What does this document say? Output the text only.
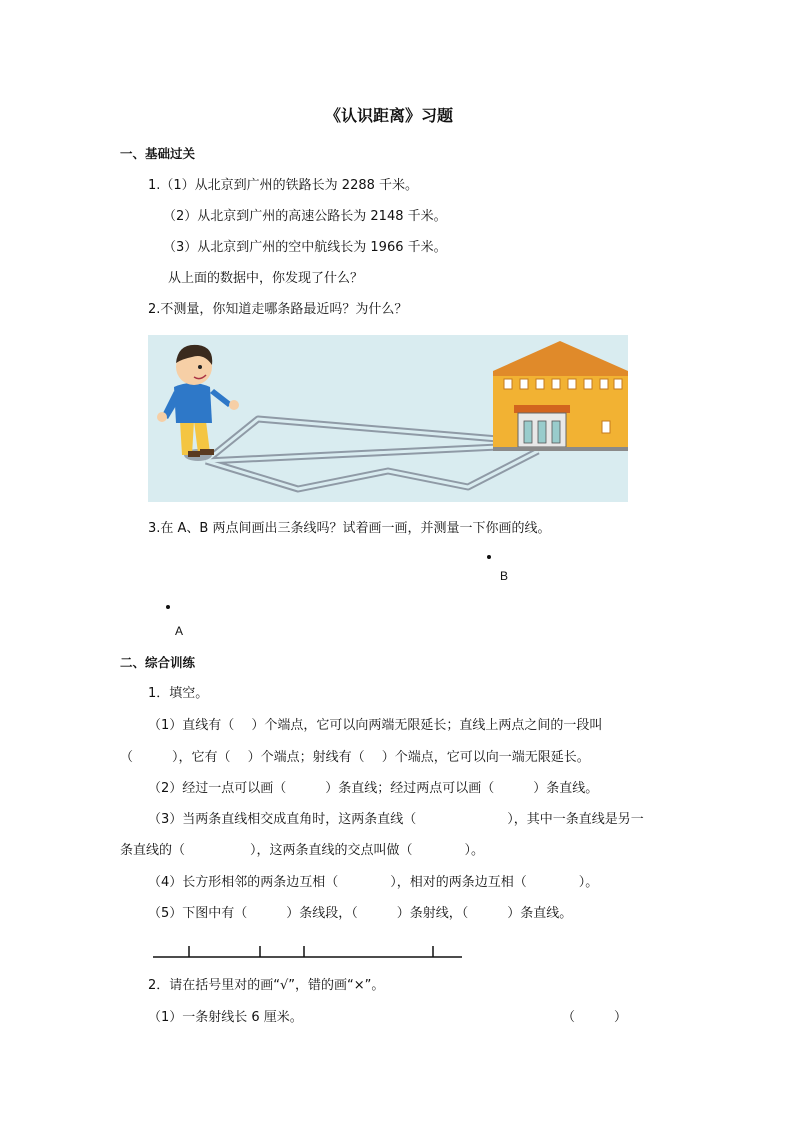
《认识距离》习题
一、基础过关
1.（1）从北京到广州的铁路长为 2288 千米。
（2）从北京到广州的高速公路长为 2148 千米。
（3）从北京到广州的空中航线长为 1966 千米。
从上面的数据中，你发现了什么？
2.不测量，你知道走哪条路最近吗？为什么？
3.在 A、B 两点间画出三条线吗？试着画一画，并测量一下你画的线。
B
A
二、综合训练
1．填空。
（1）直线有（　 ）个端点，它可以向两端无限延长；直线上两点之间的一段叫
（　　　），它有（　 ）个端点；射线有（　 ）个端点，它可以向一端无限延长。
（2）经过一点可以画（　　　）条直线；经过两点可以画（　　　）条直线。
（3）当两条直线相交成直角时，这两条直线（　　　　　　　），其中一条直线是另一
条直线的（　　　　　），这两条直线的交点叫做（　　　　）。
（4）长方形相邻的两条边互相（　　　　），相对的两条边互相（　　　　）。
（5）下图中有（　　　）条线段，（　　　）条射线，（　　　）条直线。
2．请在括号里对的画“√”，错的画“×”。
（1）一条射线长 6 厘米。	（　　　）
